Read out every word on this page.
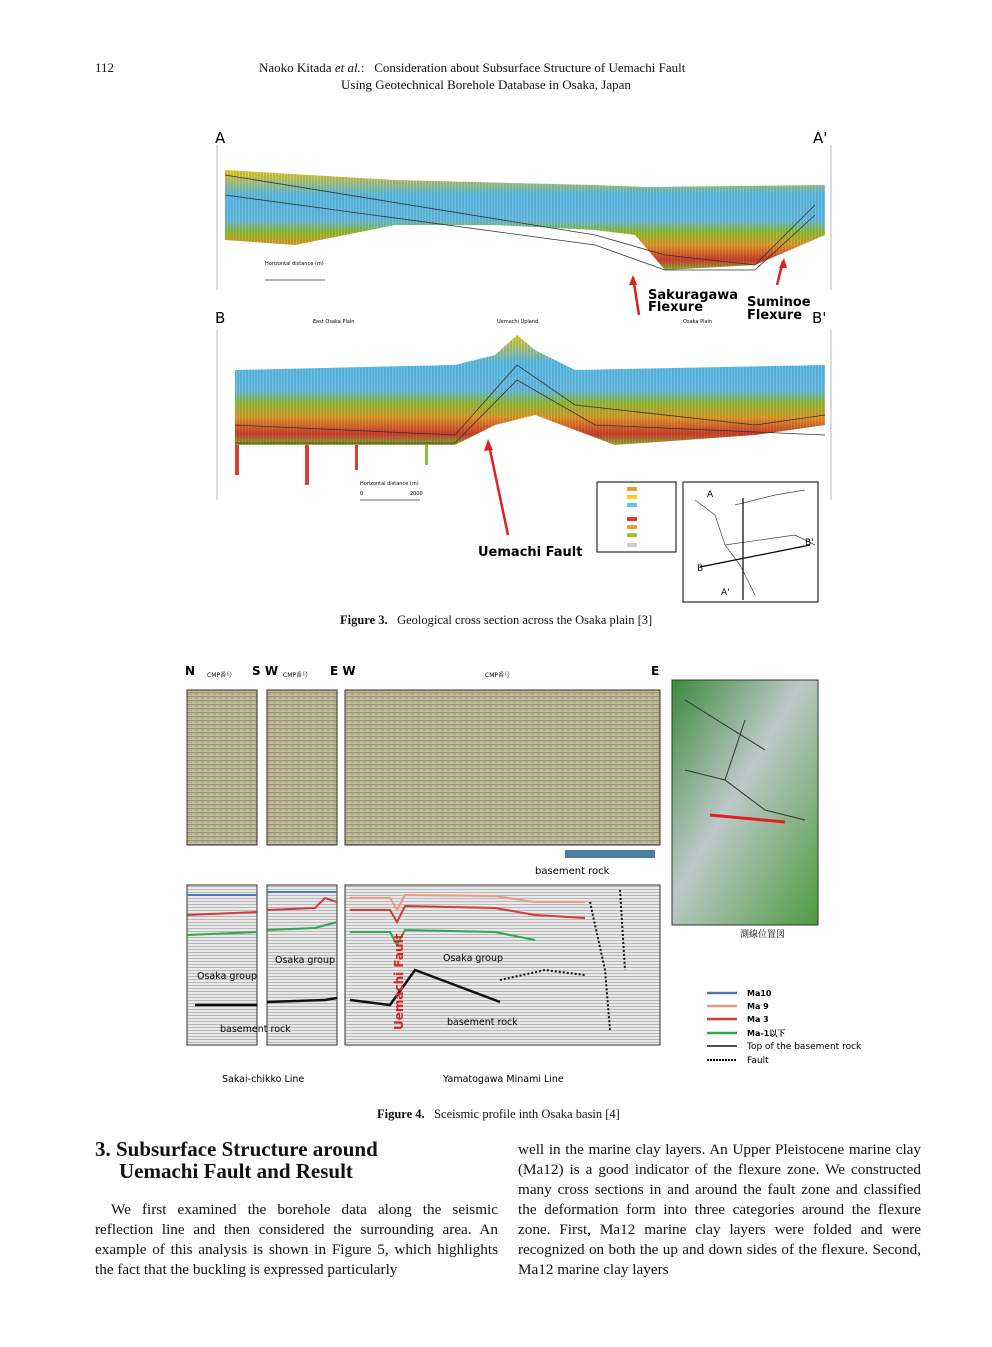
112	Naoko Kitada et al.: Consideration about Subsurface Structure of Uemachi Fault
Using Geotechnical Borehole Database in Osaka, Japan
A	A'
Horizontal distance (m)
Sakuragawa
Flexure
Osaka Plain
Suminoe
Flexure B'
B	East Osaka Plain	Uemachi Upland
Horizontal distance (m)
0	2000
Uemachi Fault
A
A'
B
B'
Figure 3. Geological cross section across the Osaka plain [3]
N	S W	E W	E
CMP番号	CMP番号	CMP番号
basement rock
Osaka group
Osaka group	Osaka group
basement rock
basement rock
Uemachi Fault
Sakai-chikko Line	Yamatogawa Minami Line
測線位置図
Ma10
Ma 9
Ma 3
Ma-1以下
Top of the basement rock
Fault
Figure 4. Sceismic profile inth Osaka basin [4]
3. Subsurface Structure around
Uemachi Fault and Result

We first examined the borehole data along the seismic reflection line and then considered the surrounding area. An example of this analysis is shown in Figure 5, which highlights the fact that the buckling is expressed particularly

well in the marine clay layers. An Upper Pleistocene marine clay (Ma12) is a good indicator of the flexure zone. We constructed many cross sections in and around the fault zone and classified the deformation form into three categories around the flexure zone. First, Ma12 marine clay layers were folded and were recognized on both the up and down sides of the flexure. Second, Ma12 marine clay layers
